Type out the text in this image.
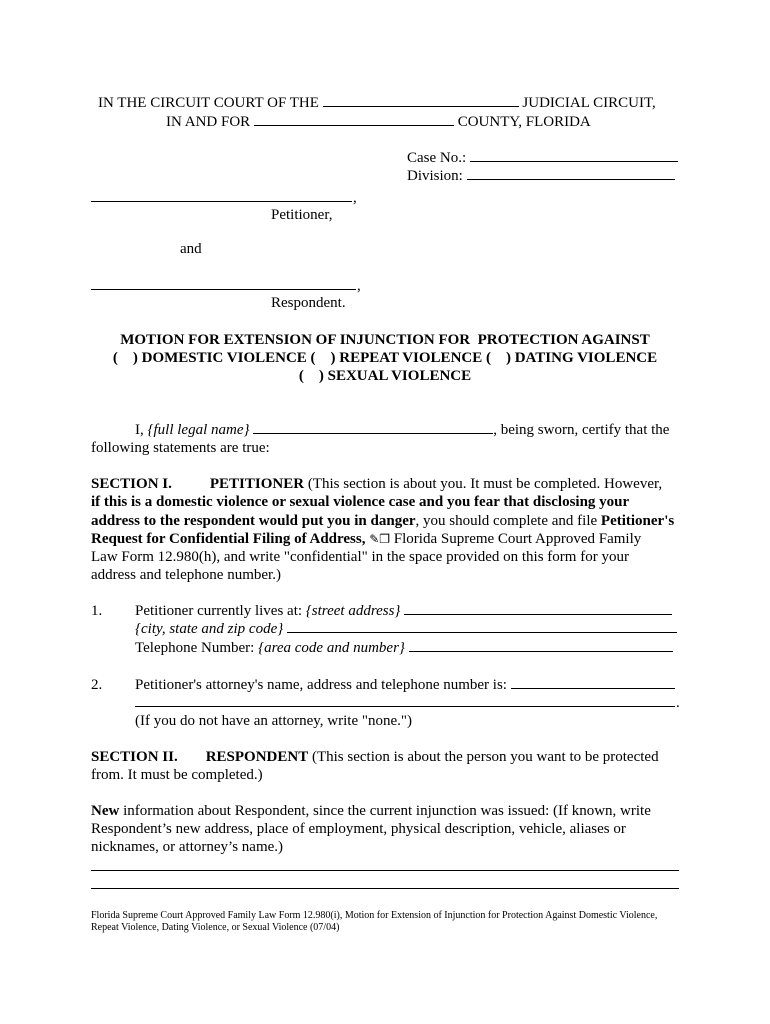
IN THE CIRCUIT COURT OF THE	JUDICIAL CIRCUIT,
IN AND FOR	COUNTY, FLORIDA
Case No.:
Division:
,
Petitioner,
and
,
Respondent.
MOTION FOR EXTENSION OF INJUNCTION FOR  PROTECTION AGAINST
(    ) DOMESTIC VIOLENCE (    ) REPEAT VIOLENCE (    ) DATING VIOLENCE
(    ) SEXUAL VIOLENCE
I, {full legal name}	, being sworn, certify that the
following statements are true:
SECTION I.	PETITIONER (This section is about you. It must be completed. However,
if this is a domestic violence or sexual violence case and you fear that disclosing your
address to the respondent would put you in danger, you should complete and file Petitioner's
Request for Confidential Filing of Address, ✎❐ Florida Supreme Court Approved Family
Law Form 12.980(h), and write "confidential" in the space provided on this form for your
address and telephone number.)
1. Petitioner currently lives at: {street address}
{city, state and zip code}
Telephone Number: {area code and number}
2. Petitioner's attorney's name, address and telephone number is:
.
(If you do not have an attorney, write "none.")
SECTION II. RESPONDENT (This section is about the person you want to be protected
from. It must be completed.)
New information about Respondent, since the current injunction was issued: (If known, write
Respondent’s new address, place of employment, physical description, vehicle, aliases or
nicknames, or attorney’s name.)
Florida Supreme Court Approved Family Law Form 12.980(i), Motion for Extension of Injunction for Protection Against Domestic Violence,
Repeat Violence, Dating Violence, or Sexual Violence (07/04)
